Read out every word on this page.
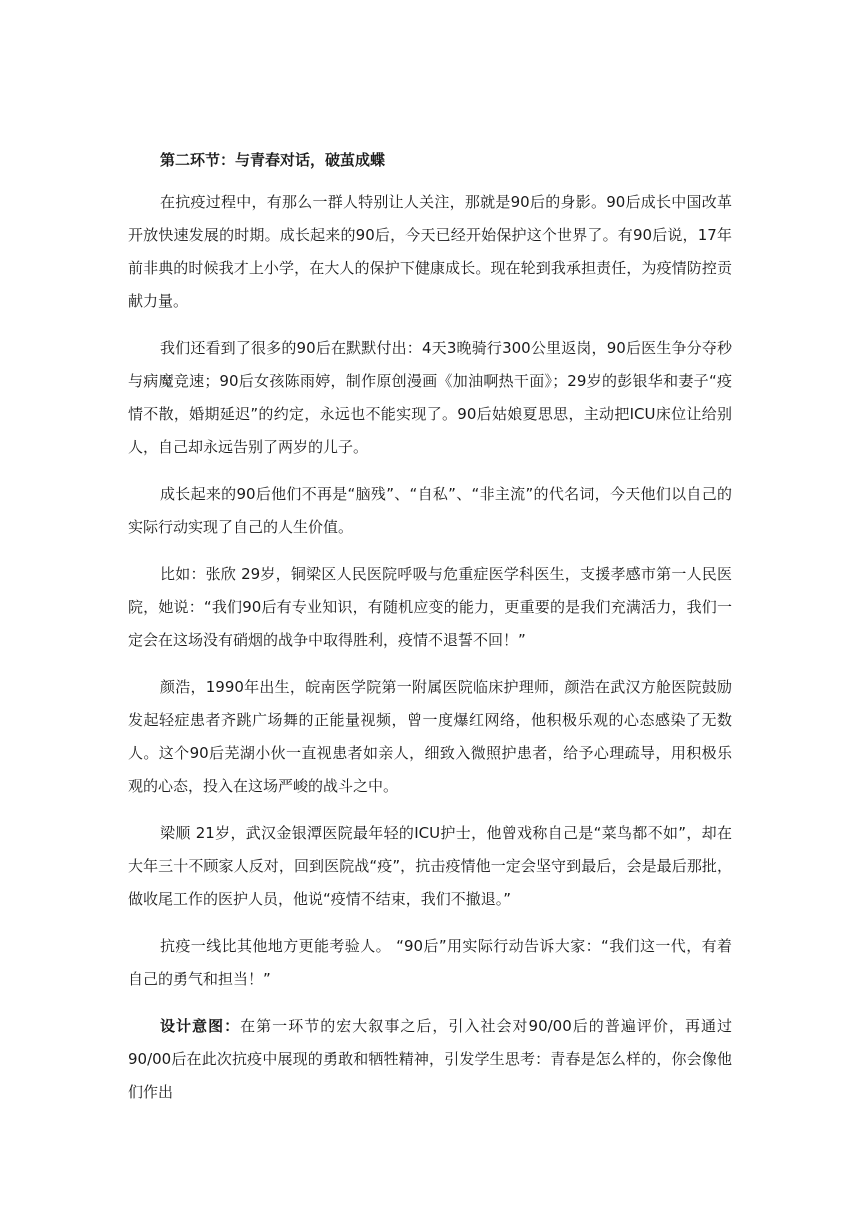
第二环节：与青春对话，破茧成蝶

在抗疫过程中，有那么一群人特别让人关注，那就是90后的身影。90后成长中国改革开放快速发展的时期。成长起来的90后，今天已经开始保护这个世界了。有90后说，17年前非典的时候我才上小学，在大人的保护下健康成长。现在轮到我承担责任，为疫情防控贡献力量。

我们还看到了很多的90后在默默付出：4天3晚骑行300公里返岗，90后医生争分夺秒与病魔竞速；90后女孩陈雨婷，制作原创漫画《加油啊热干面》；29岁的彭银华和妻子“疫情不散，婚期延迟”的约定，永远也不能实现了。90后姑娘夏思思，主动把ICU床位让给别人，自己却永远告别了两岁的儿子。

成长起来的90后他们不再是“脑残”、“自私”、“非主流”的代名词，今天他们以自己的实际行动实现了自己的人生价值。

比如：张欣 29岁，铜梁区人民医院呼吸与危重症医学科医生，支援孝感市第一人民医院，她说：“我们90后有专业知识，有随机应变的能力，更重要的是我们充满活力，我们一定会在这场没有硝烟的战争中取得胜利，疫情不退誓不回！”

颜浩，1990年出生，皖南医学院第一附属医院临床护理师，颜浩在武汉方舱医院鼓励发起轻症患者齐跳广场舞的正能量视频，曾一度爆红网络，他积极乐观的心态感染了无数人。这个90后芜湖小伙一直视患者如亲人，细致入微照护患者，给予心理疏导，用积极乐观的心态，投入在这场严峻的战斗之中。

梁顺 21岁，武汉金银潭医院最年轻的ICU护士，他曾戏称自己是“菜鸟都不如”，却在大年三十不顾家人反对，回到医院战“疫”，抗击疫情他一定会坚守到最后，会是最后那批，做收尾工作的医护人员，他说“疫情不结束，我们不撤退。”

抗疫一线比其他地方更能考验人。 “90后”用实际行动告诉大家：“我们这一代，有着自己的勇气和担当！”

设计意图：在第一环节的宏大叙事之后，引入社会对90/00后的普遍评价，再通过90/00后在此次抗疫中展现的勇敢和牺牲精神，引发学生思考：青春是怎么样的，你会像他们作出
